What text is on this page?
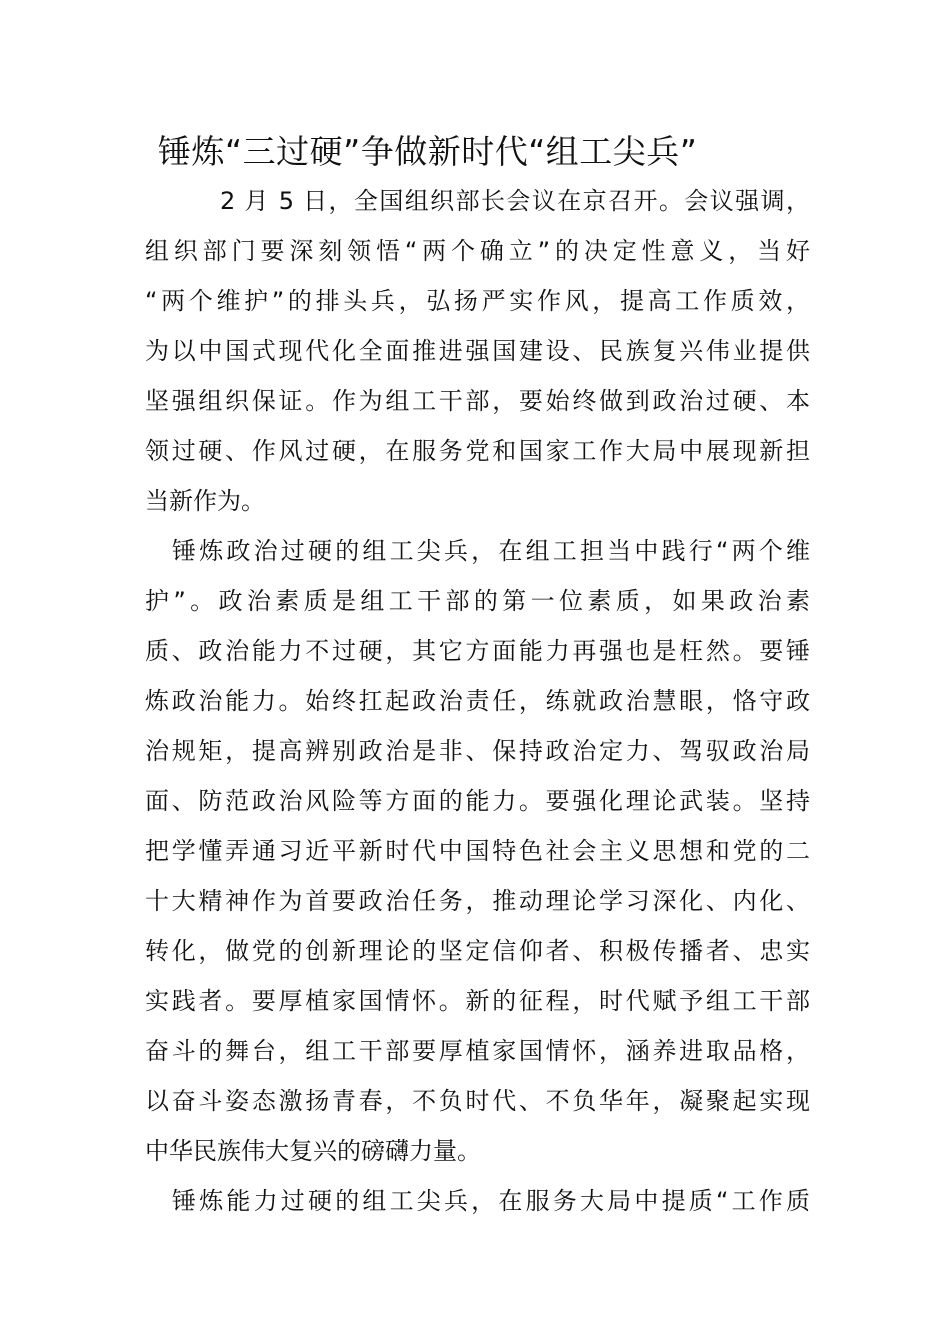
锤炼“三过硬”争做新时代“组工尖兵”
2 月 5 日，全国组织部长会议在京召开。会议强调，
组织部门要深刻领悟“两个确立”的决定性意义，当好
“两个维护”的排头兵，弘扬严实作风，提高工作质效，
为以中国式现代化全面推进强国建设、民族复兴伟业提供
坚强组织保证。作为组工干部，要始终做到政治过硬、本
领过硬、作风过硬，在服务党和国家工作大局中展现新担
当新作为。
锤炼政治过硬的组工尖兵，在组工担当中践行“两个维
护”。政治素质是组工干部的第一位素质，如果政治素
质、政治能力不过硬，其它方面能力再强也是枉然。要锤
炼政治能力。始终扛起政治责任，练就政治慧眼，恪守政
治规矩，提高辨别政治是非、保持政治定力、驾驭政治局
面、防范政治风险等方面的能力。要强化理论武装。坚持
把学懂弄通习近平新时代中国特色社会主义思想和党的二
十大精神作为首要政治任务，推动理论学习深化、内化、
转化，做党的创新理论的坚定信仰者、积极传播者、忠实
实践者。要厚植家国情怀。新的征程，时代赋予组工干部
奋斗的舞台，组工干部要厚植家国情怀，涵养进取品格，
以奋斗姿态激扬青春，不负时代、不负华年，凝聚起实现
中华民族伟大复兴的磅礴力量。
锤炼能力过硬的组工尖兵，在服务大局中提质“工作质
